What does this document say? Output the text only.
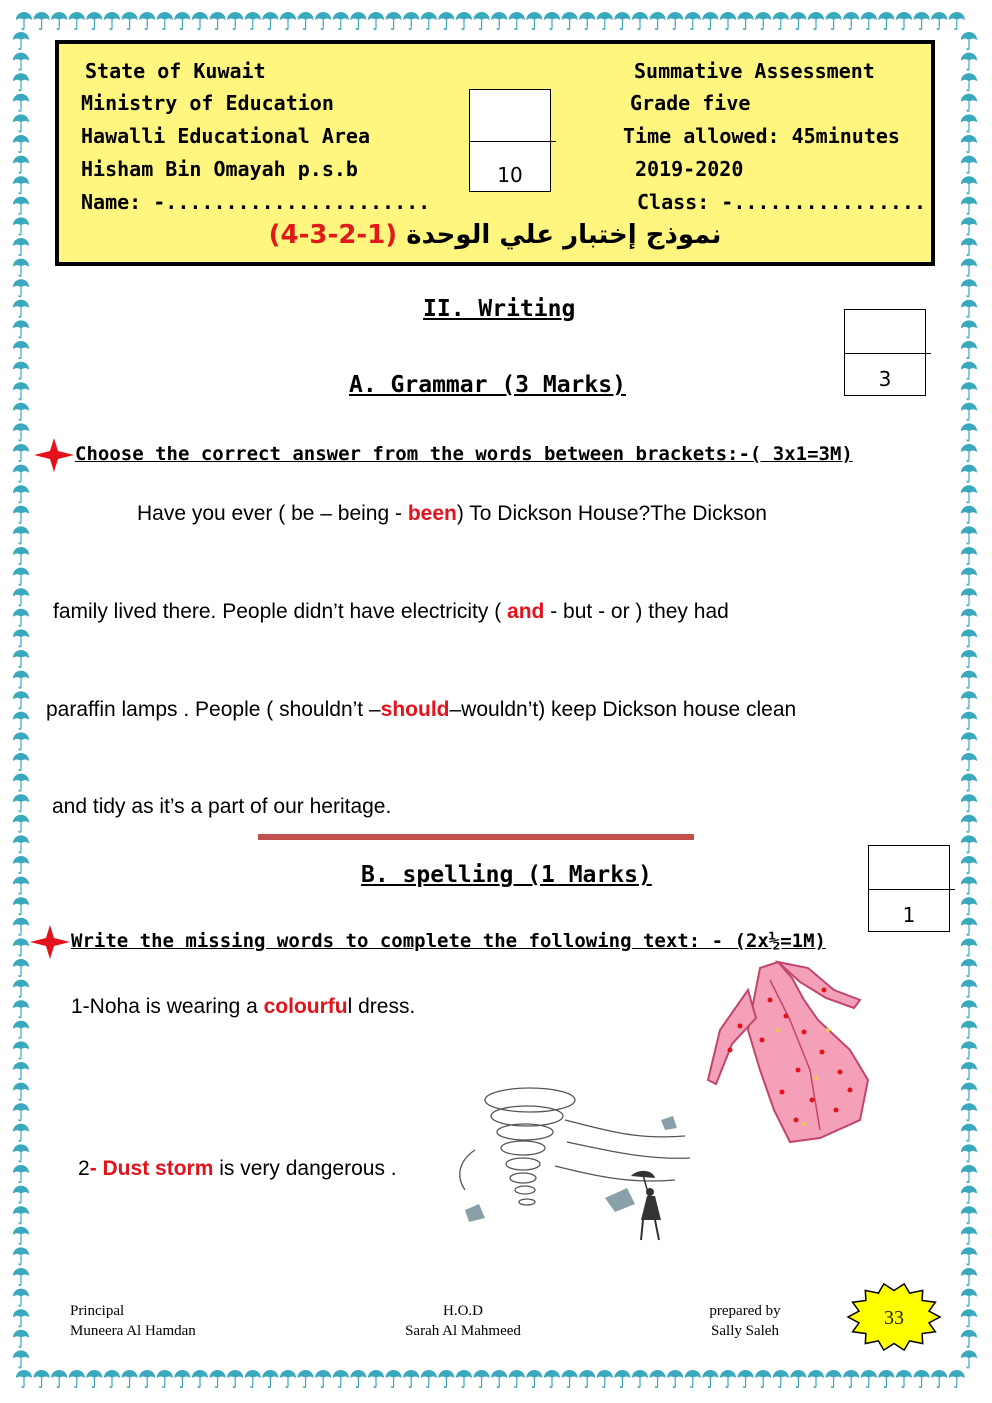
State of Kuwait
Ministry of Education
Hawalli Educational Area
Hisham Bin Omayah p.s.b
Name: -......................
Summative Assessment
Grade five
Time allowed: 45minutes
2019-2020
Class: -................
10
نموذج إختبار علي الوحدة (1-2-3-4)
II. Writing
3
A. Grammar (3 Marks)
Choose the correct answer from the words between brackets:-( 3x1=3M)
Have you ever ( be – being - been) To Dickson House?The Dickson
family lived there. People didn’t have electricity ( and - but - or ) they had
paraffin lamps . People ( shouldn’t –should–wouldn’t) keep Dickson house clean
and tidy as it’s a part of our heritage.
1
B. spelling (1 Marks)
Write the missing words to complete the following text: - (2x½=1M)
1-Noha is wearing a colourful dress.
2- Dust storm is very dangerous .
Principal
Muneera Al Hamdan
H.O.D
Sarah Al Mahmeed
prepared by
Sally Saleh
33
